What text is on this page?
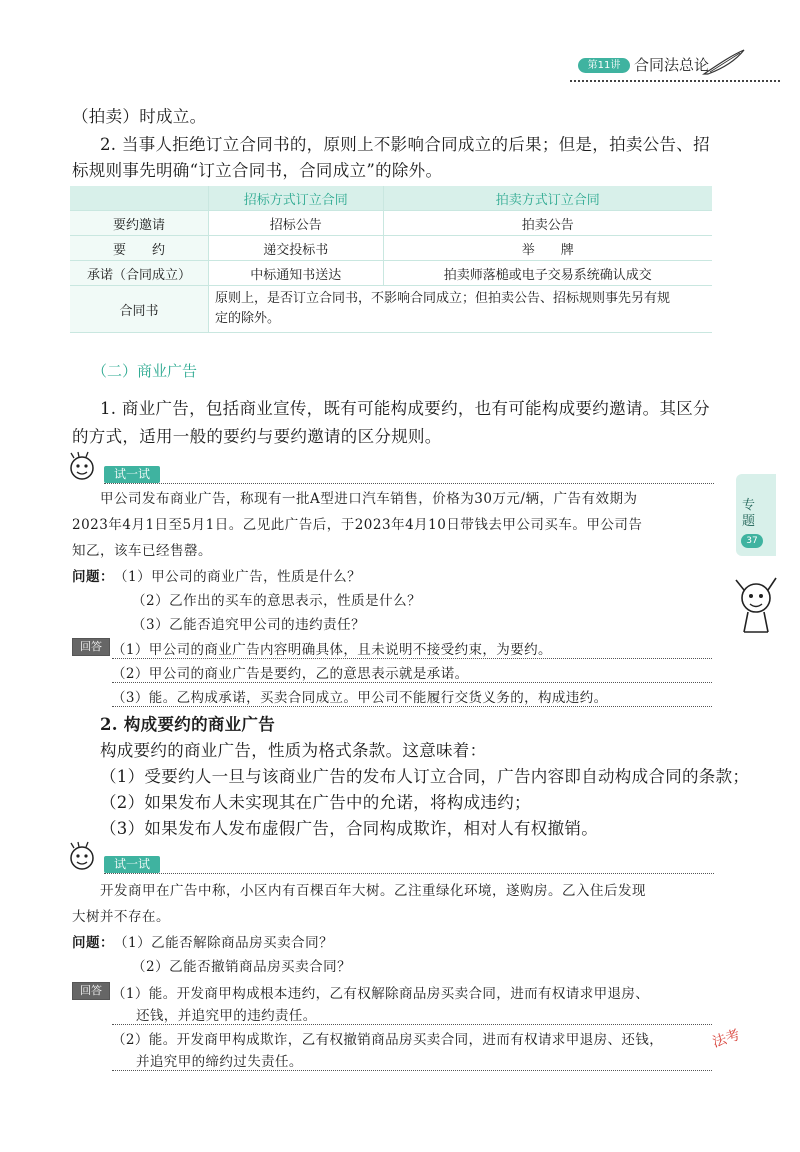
第11讲 合同法总论
（拍卖）时成立。
2. 当事人拒绝订立合同书的，原则上不影响合同成立的后果；但是，拍卖公告、招
标规则事先明确“订立合同书，合同成立”的除外。
	招标方式订立合同	拍卖方式订立合同
要约邀请	招标公告	拍卖公告
要　　约	递交投标书	举　　牌
承诺（合同成立）	中标通知书送达	拍卖师落槌或电子交易系统确认成交
合同书	原则上，是否订立合同书，不影响合同成立；但拍卖公告、招标规则事先另有规
定的除外。	
（二）商业广告
1. 商业广告，包括商业宣传，既有可能构成要约，也有可能构成要约邀请。其区分
的方式，适用一般的要约与要约邀请的区分规则。
试一试
甲公司发布商业广告，称现有一批A型进口汽车销售，价格为30万元/辆，广告有效期为
2023年4月1日至5月1日。乙见此广告后，于2023年4月10日带钱去甲公司买车。甲公司告
知乙，该车已经售罄。
问题： （1）甲公司的商业广告，性质是什么？
（2）乙作出的买车的意思表示，性质是什么？
（3）乙能否追究甲公司的违约责任？
回答 （1）甲公司的商业广告内容明确具体，且未说明不接受约束，为要约。
（2）甲公司的商业广告是要约，乙的意思表示就是承诺。
（3）能。乙构成承诺，买卖合同成立。甲公司不能履行交货义务的，构成违约。
2. 构成要约的商业广告
构成要约的商业广告，性质为格式条款。这意味着：
（1）受要约人一旦与该商业广告的发布人订立合同，广告内容即自动构成合同的条款；
（2）如果发布人未实现其在广告中的允诺，将构成违约；
（3）如果发布人发布虚假广告，合同构成欺诈，相对人有权撤销。
试一试
开发商甲在广告中称，小区内有百棵百年大树。乙注重绿化环境，遂购房。乙入住后发现
大树并不存在。
问题： （1）乙能否解除商品房买卖合同？
（2）乙能否撤销商品房买卖合同？
回答 （1）能。开发商甲构成根本违约，乙有权解除商品房买卖合同，进而有权请求甲退房、
还钱，并追究甲的违约责任。
（2）能。开发商甲构成欺诈，乙有权撤销商品房买卖合同，进而有权请求甲退房、还钱，
并追究甲的缔约过失责任。
专题
37
法考
